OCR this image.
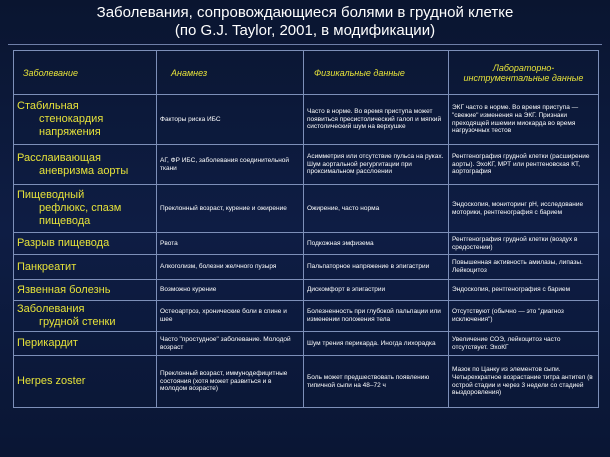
Заболевания, сопровождающиеся болями в грудной клетке
(по G.J. Taylor, 2001, в модификации)
Заболевание	Анамнез	Физикальные данные	Лабораторно-инструментальные данные

Стабильная
стенокардия
напряжения	Факторы риска ИБС	Часто в норме. Во время приступа может появиться пресистолический галоп и мягкий систолический шум на верхушке	ЭКГ часто в норме. Во время приступа — "свежие" изменения на ЭКГ. Признаки преходящей ишемии миокарда во время нагрузочных тестов

Расслаивающая
аневризма аорты	АГ, ФР ИБС, заболевания соединительной ткани	Асимметрия или отсутствие пульса на руках. Шум аортальной регургитации при проксимальном расслоении	Рентгенография грудной клетки (расширение аорты). ЭхоКГ, МРТ или рентгеновская КТ, аортография

Пищеводный
рефлюкс, спазм
пищевода	Преклонный возраст, курение и ожирение	Ожирение, часто норма	Эндоскопия, мониторинг pH, исследование моторики, рентгенография с барием

Разрыв пищевода	Рвота	Подкожная эмфизема	Рентгенография грудной клетки (воздух в средостении)

Панкреатит	Алкоголизм, болезни желчного пузыря	Пальпаторное напряжение в эпигастрии	Повышенная активность амилазы, липазы. Лейкоцитоз

Язвенная болезнь	Возможно курение	Дискомфорт в эпигастрии	Эндоскопия, рентгенография с барием

Заболевания
грудной стенки	Остеоартроз, хронические боли в спине и шее	Болезненность при глубокой пальпации или изменении положения тела	Отсутствуют (обычно — это "диагноз исключения")

Перикардит	Часто "простудное" заболевание. Молодой возраст	Шум трения перикарда. Иногда лихорадка	Увеличение СОЭ, лейкоцитоз часто отсутствует. ЭхоКГ

Herpes zoster	Преклонный возраст, иммунодефицитные состояния (хотя может развиться и в молодом возрасте)	Боль может предшествовать появлению типичной сыпи на 48–72 ч	Мазок по Цанку из элементов сыпи. Четырехкратное возрастание титра антител (в острой стадии и через 3 недели со стадией выздоровления)
